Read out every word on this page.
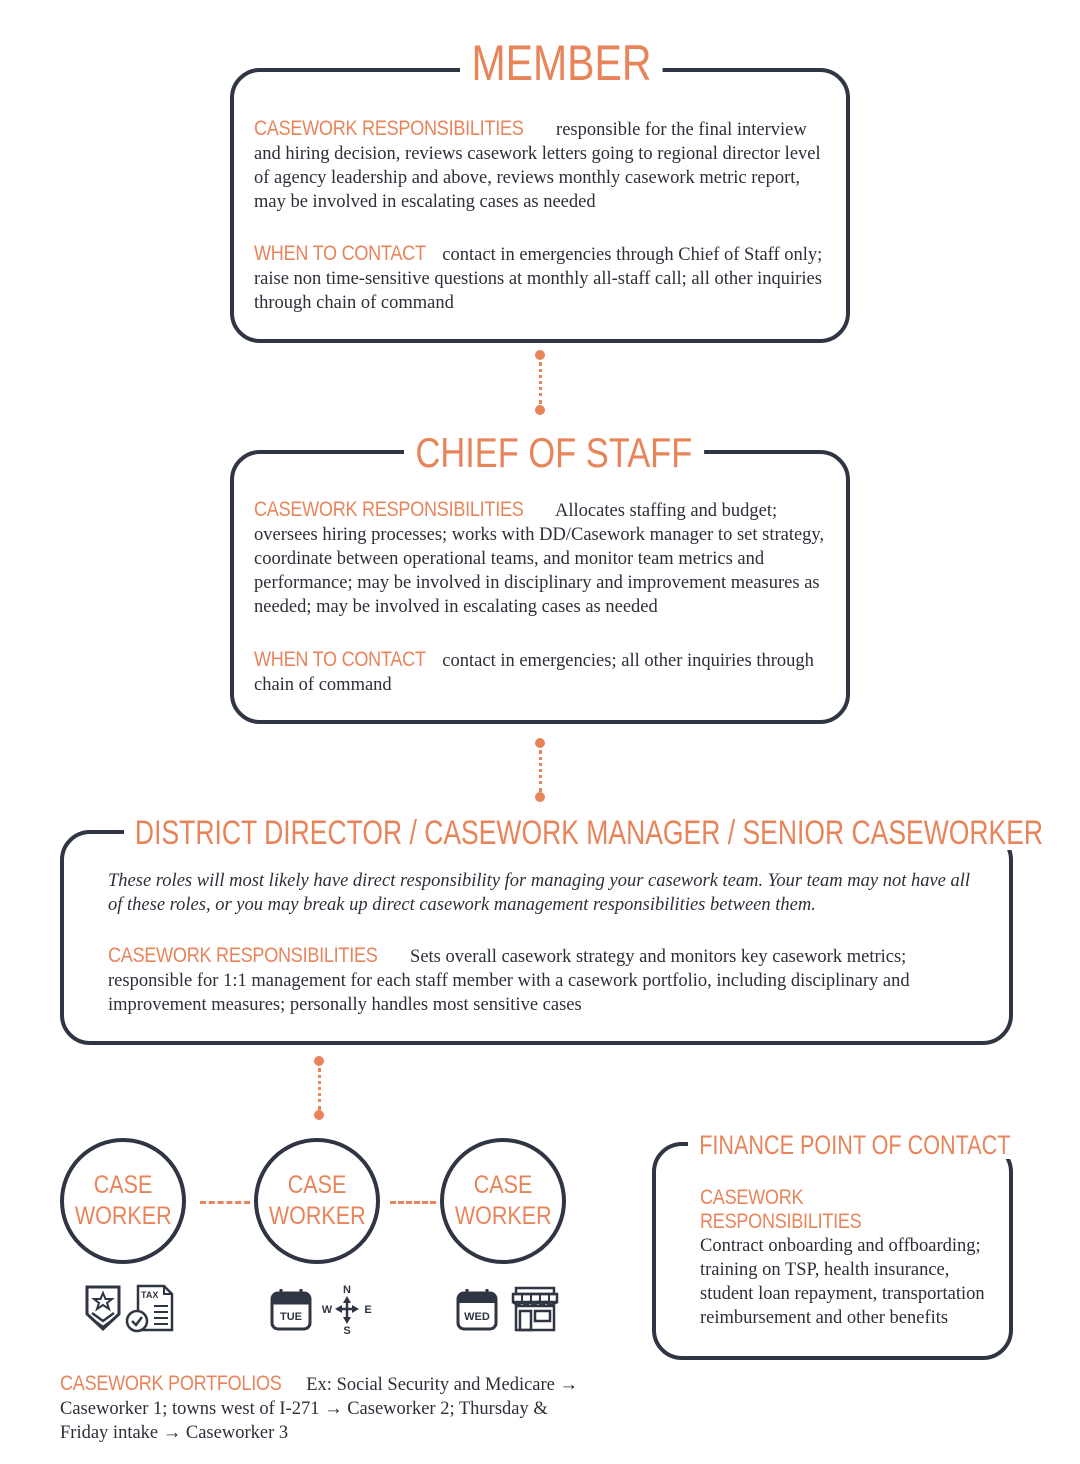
MEMBER
CASEWORK RESPONSIBILITIES responsible for the final interview and hiring decision, reviews casework letters going to regional director level of agency leadership and above, reviews monthly casework metric report, may be involved in escalating cases as needed
WHEN TO CONTACT contact in emergencies through Chief of Staff only; raise non time-sensitive questions at monthly all-staff call; all other inquiries through chain of command
CHIEF OF STAFF
CASEWORK RESPONSIBILITIES Allocates staffing and budget; oversees hiring processes; works with DD/Casework manager to set strategy, coordinate between operational teams, and monitor team metrics and performance; may be involved in disciplinary and improvement measures as needed; may be involved in escalating cases as needed
WHEN TO CONTACT contact in emergencies; all other inquiries through chain of command
DISTRICT DIRECTOR / CASEWORK MANAGER / SENIOR CASEWORKER
These roles will most likely have direct responsibility for managing your casework team. Your team may not have all of these roles, or you may break up direct casework management responsibilities between them.
CASEWORK RESPONSIBILITIES Sets overall casework strategy and monitors key casework metrics; responsible for 1:1 management for each staff member with a casework portfolio, including disciplinary and improvement measures; personally handles most sensitive cases
CASE
WORKER
CASE
WORKER
CASE
WORKER
TAX
TUE
N
S
W	E
WED
CASEWORK PORTFOLIOS Ex: Social Security and Medicare → Caseworker 1; towns west of I-271 → Caseworker 2; Thursday & Friday intake → Caseworker 3
FINANCE POINT OF CONTACT
CASEWORK RESPONSIBILITIES
Contract onboarding and offboarding; training on TSP, health insurance, student loan repayment, transportation reimbursement and other benefits
